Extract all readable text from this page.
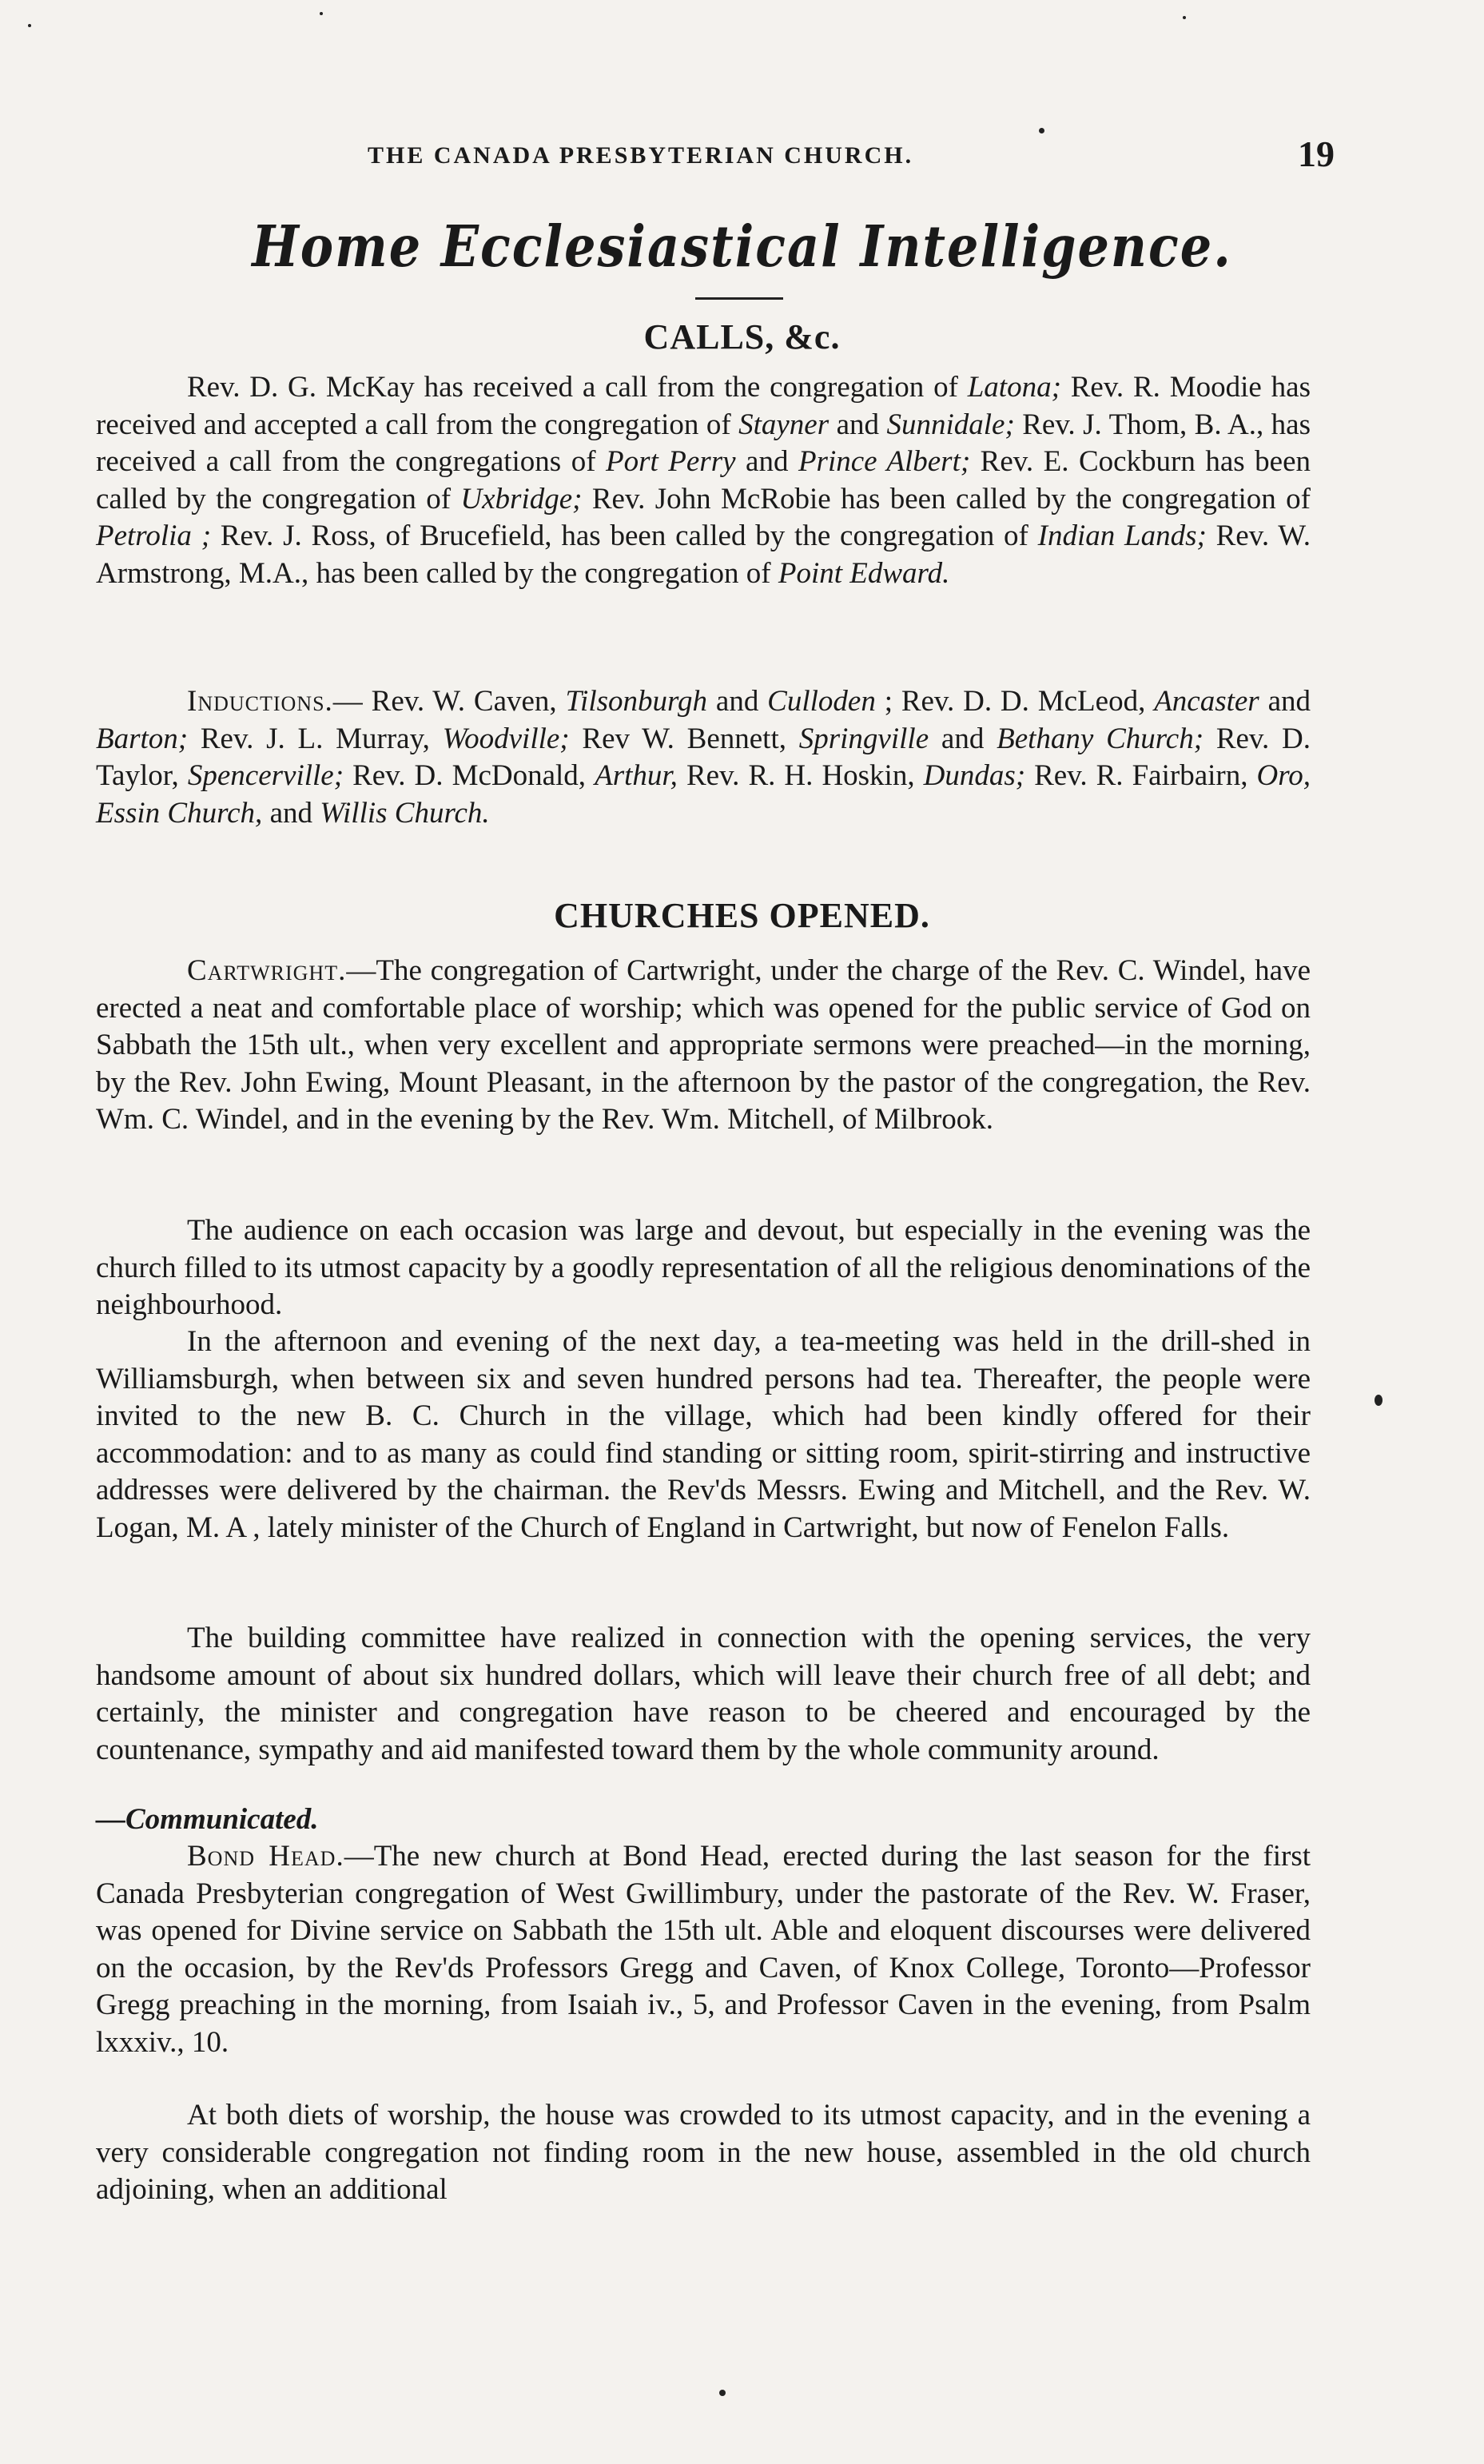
THE CANADA PRESBYTERIAN CHURCH.	19
Home Ecclesiastical Intelligence.
CALLS, &c.

Rev. D. G. McKay has received a call from the congregation of Latona; Rev. R. Moodie has received and accepted a call from the congregation of Stayner and Sunnidale; Rev. J. Thom, B. A., has received a call from the congregations of Port Perry and Prince Albert; Rev. E. Cockburn has been called by the congregation of Uxbridge; Rev. John McRobie has been called by the congregation of Petrolia ; Rev. J. Ross, of Brucefield, has been called by the congregation of Indian Lands; Rev. W. Armstrong, M.A., has been called by the congregation of Point Edward.

Inductions.— Rev. W. Caven, Tilsonburgh and Culloden ; Rev. D. D. McLeod, Ancaster and Barton; Rev. J. L. Murray, Woodville; Rev W. Bennett, Springville and Bethany Church; Rev. D. Taylor, Spencerville; Rev. D. McDonald, Arthur, Rev. R. H. Hoskin, Dundas; Rev. R. Fairbairn, Oro, Essin Church, and Willis Church.

CHURCHES OPENED.

Cartwright.—The congregation of Cartwright, under the charge of the Rev. C. Windel, have erected a neat and comfortable place of worship; which was opened for the public service of God on Sabbath the 15th ult., when very excellent and appropriate sermons were preached—in the morning, by the Rev. John Ewing, Mount Pleasant, in the afternoon by the pastor of the congregation, the Rev. Wm. C. Windel, and in the evening by the Rev. Wm. Mitchell, of Milbrook.

The audience on each occasion was large and devout, but especially in the evening was the church filled to its utmost capacity by a goodly representation of all the religious denominations of the neighbourhood.

In the afternoon and evening of the next day, a tea-meeting was held in the drill-shed in Williamsburgh, when between six and seven hundred persons had tea. Thereafter, the people were invited to the new B. C. Church in the village, which had been kindly offered for their accommodation: and to as many as could find standing or sitting room, spirit-stirring and instructive addresses were delivered by the chairman. the Rev'ds Messrs. Ewing and Mitchell, and the Rev. W. Logan, M. A , lately minister of the Church of England in Cartwright, but now of Fenelon Falls.

The building committee have realized in connection with the opening services, the very handsome amount of about six hundred dollars, which will leave their church free of all debt; and certainly, the minister and congregation have reason to be cheered and encouraged by the countenance, sympathy and aid manifested toward them by the whole community around.

—Communicated.

Bond Head.—The new church at Bond Head, erected during the last season for the first Canada Presbyterian congregation of West Gwillimbury, under the pastorate of the Rev. W. Fraser, was opened for Divine service on Sabbath the 15th ult. Able and eloquent discourses were delivered on the occasion, by the Rev'ds Professors Gregg and Caven, of Knox College, Toronto—Professor Gregg preaching in the morning, from Isaiah iv., 5, and Professor Caven in the evening, from Psalm lxxxiv., 10.

At both diets of worship, the house was crowded to its utmost capacity, and in the evening a very considerable congregation not finding room in the new house, assembled in the old church adjoining, when an additional
